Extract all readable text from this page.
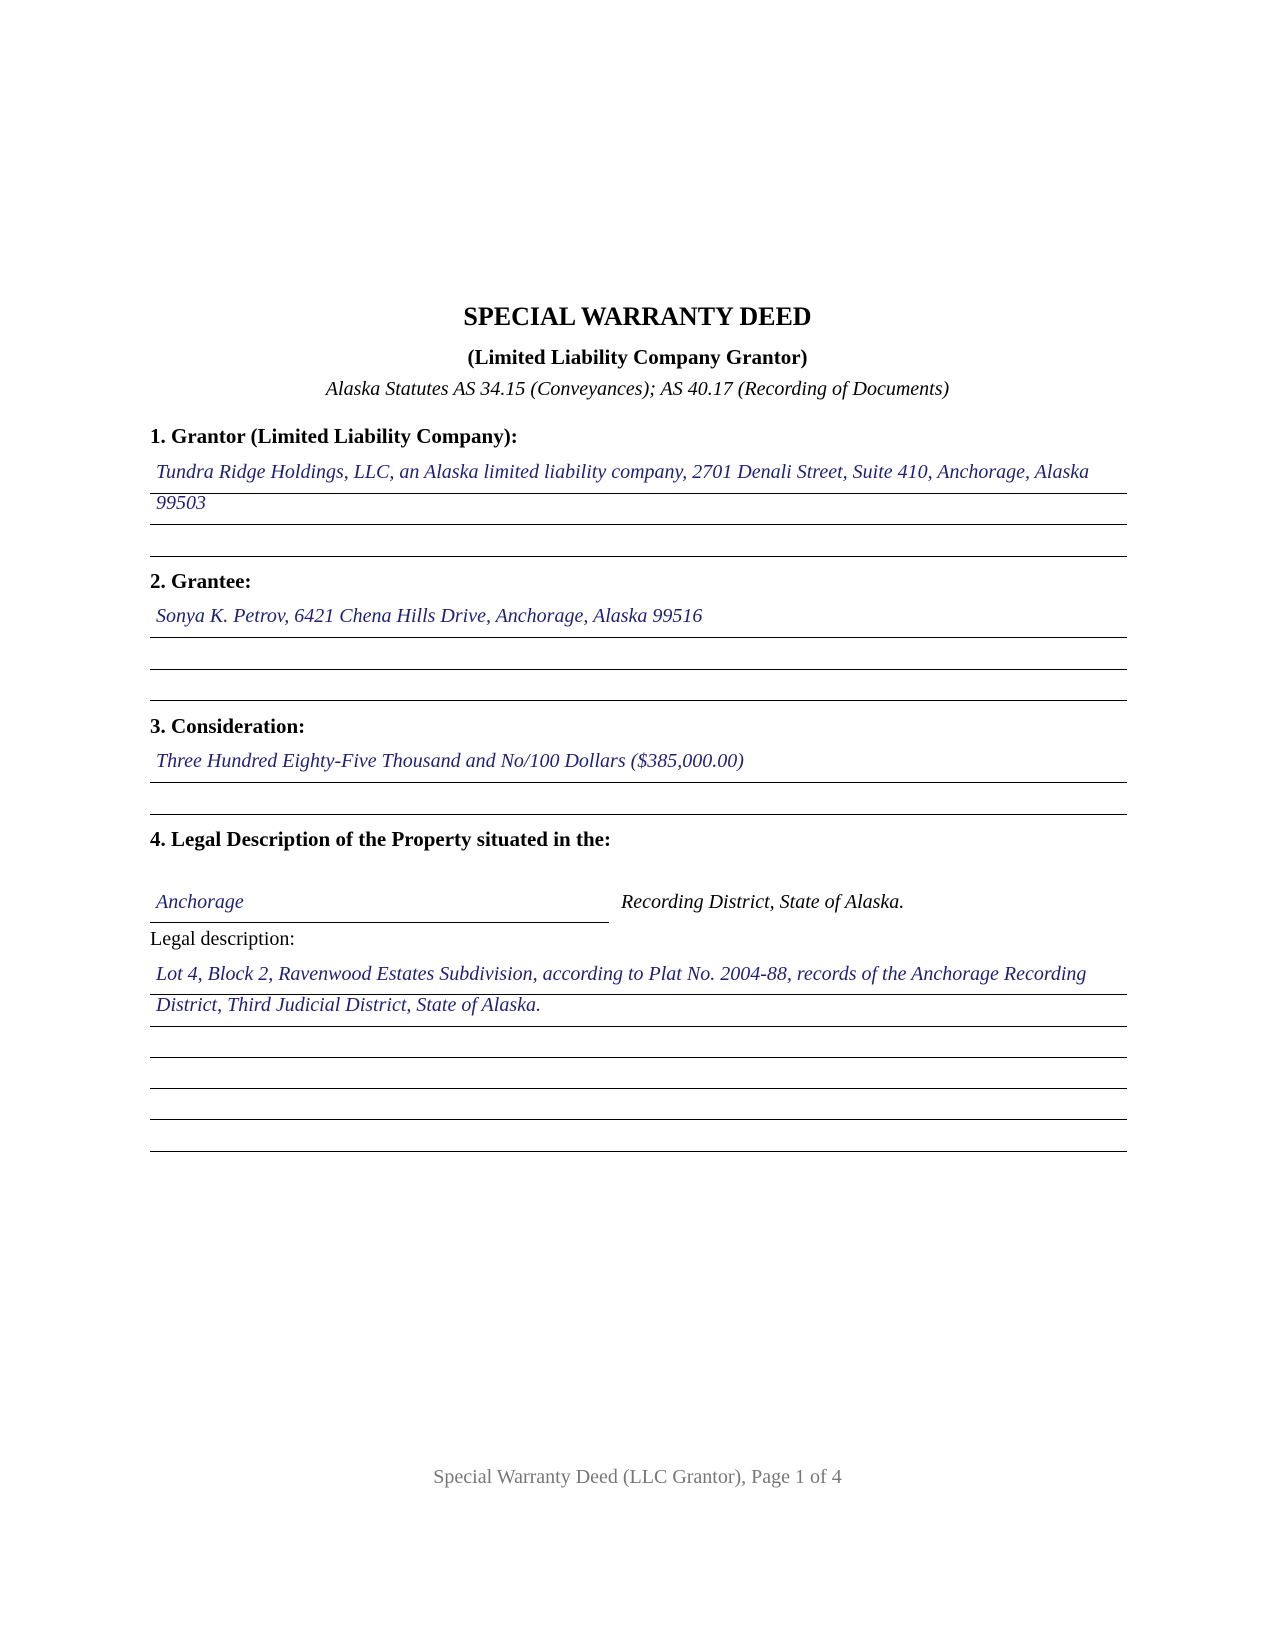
SPECIAL WARRANTY DEED
(Limited Liability Company Grantor)
Alaska Statutes AS 34.15 (Conveyances); AS 40.17 (Recording of Documents)
1. Grantor (Limited Liability Company):
Tundra Ridge Holdings, LLC, an Alaska limited liability company, 2701 Denali Street, Suite 410, Anchorage, Alaska 99503
2. Grantee:
Sonya K. Petrov, 6421 Chena Hills Drive, Anchorage, Alaska 99516
3. Consideration:
Three Hundred Eighty-Five Thousand and No/100 Dollars ($385,000.00)
4. Legal Description of the Property situated in the:
Anchorage	Recording District, State of Alaska.
Legal description:
Lot 4, Block 2, Ravenwood Estates Subdivision, according to Plat No. 2004-88, records of the Anchorage Recording District, Third Judicial District, State of Alaska.
Special Warranty Deed (LLC Grantor), Page 1 of 4
